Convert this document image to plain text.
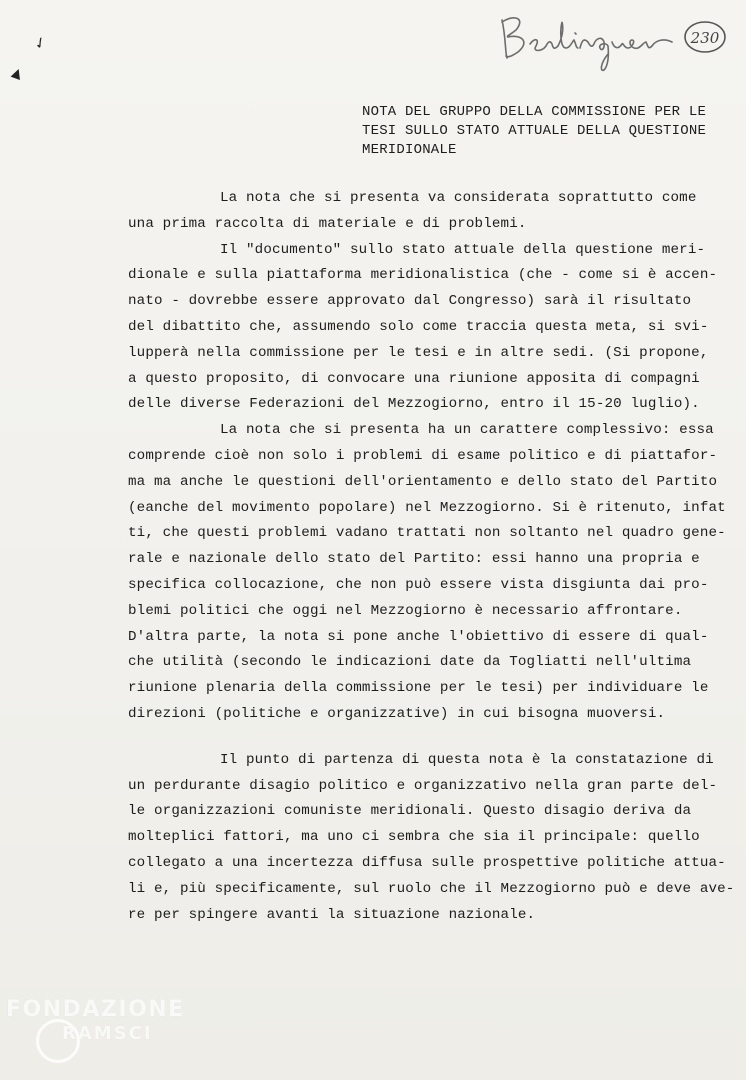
230
✓
▲
NOTA DEL GRUPPO DELLA COMMISSIONE PER LE
TESI SULLO STATO ATTUALE DELLA QUESTIONE
MERIDIONALE
La nota che si presenta va considerata soprattutto come
una prima raccolta di materiale e di problemi.
Il "documento" sullo stato attuale della questione meri-
dionale e sulla piattaforma meridionalistica (che - come si è accen-
nato - dovrebbe essere approvato dal Congresso) sarà il risultato
del dibattito che, assumendo solo come traccia questa meta, si svi-
lupperà nella commissione per le tesi e in altre sedi. (Si propone,
a questo proposito, di convocare una riunione apposita di compagni
delle diverse Federazioni del Mezzogiorno, entro il 15-20 luglio).
La nota che si presenta ha un carattere complessivo: essa
comprende cioè non solo i problemi di esame politico e di piattafor-
ma ma anche le questioni dell'orientamento e dello stato del Partito
(eanche del movimento popolare) nel Mezzogiorno. Si è ritenuto, infat
ti, che questi problemi vadano trattati non soltanto nel quadro gene-
rale e nazionale dello stato del Partito: essi hanno una propria e
specifica collocazione, che non può essere vista disgiunta dai pro-
blemi politici che oggi nel Mezzogiorno è necessario affrontare.
D'altra parte, la nota si pone anche l'obiettivo di essere di qual-
che utilità (secondo le indicazioni date da Togliatti nell'ultima
riunione plenaria della commissione per le tesi) per individuare le
direzioni (politiche e organizzative) in cui bisogna muoversi.
Il punto di partenza di questa nota è la constatazione di
un perdurante disagio politico e organizzativo nella gran parte del-
le organizzazioni comuniste meridionali. Questo disagio deriva da
molteplici fattori, ma uno ci sembra che sia il principale: quello
collegato a una incertezza diffusa sulle prospettive politiche attua-
li e, più specificamente, sul ruolo che il Mezzogiorno può e deve ave-
re per spingere avanti la situazione nazionale.
FONDAZIONE
RAMSCI
